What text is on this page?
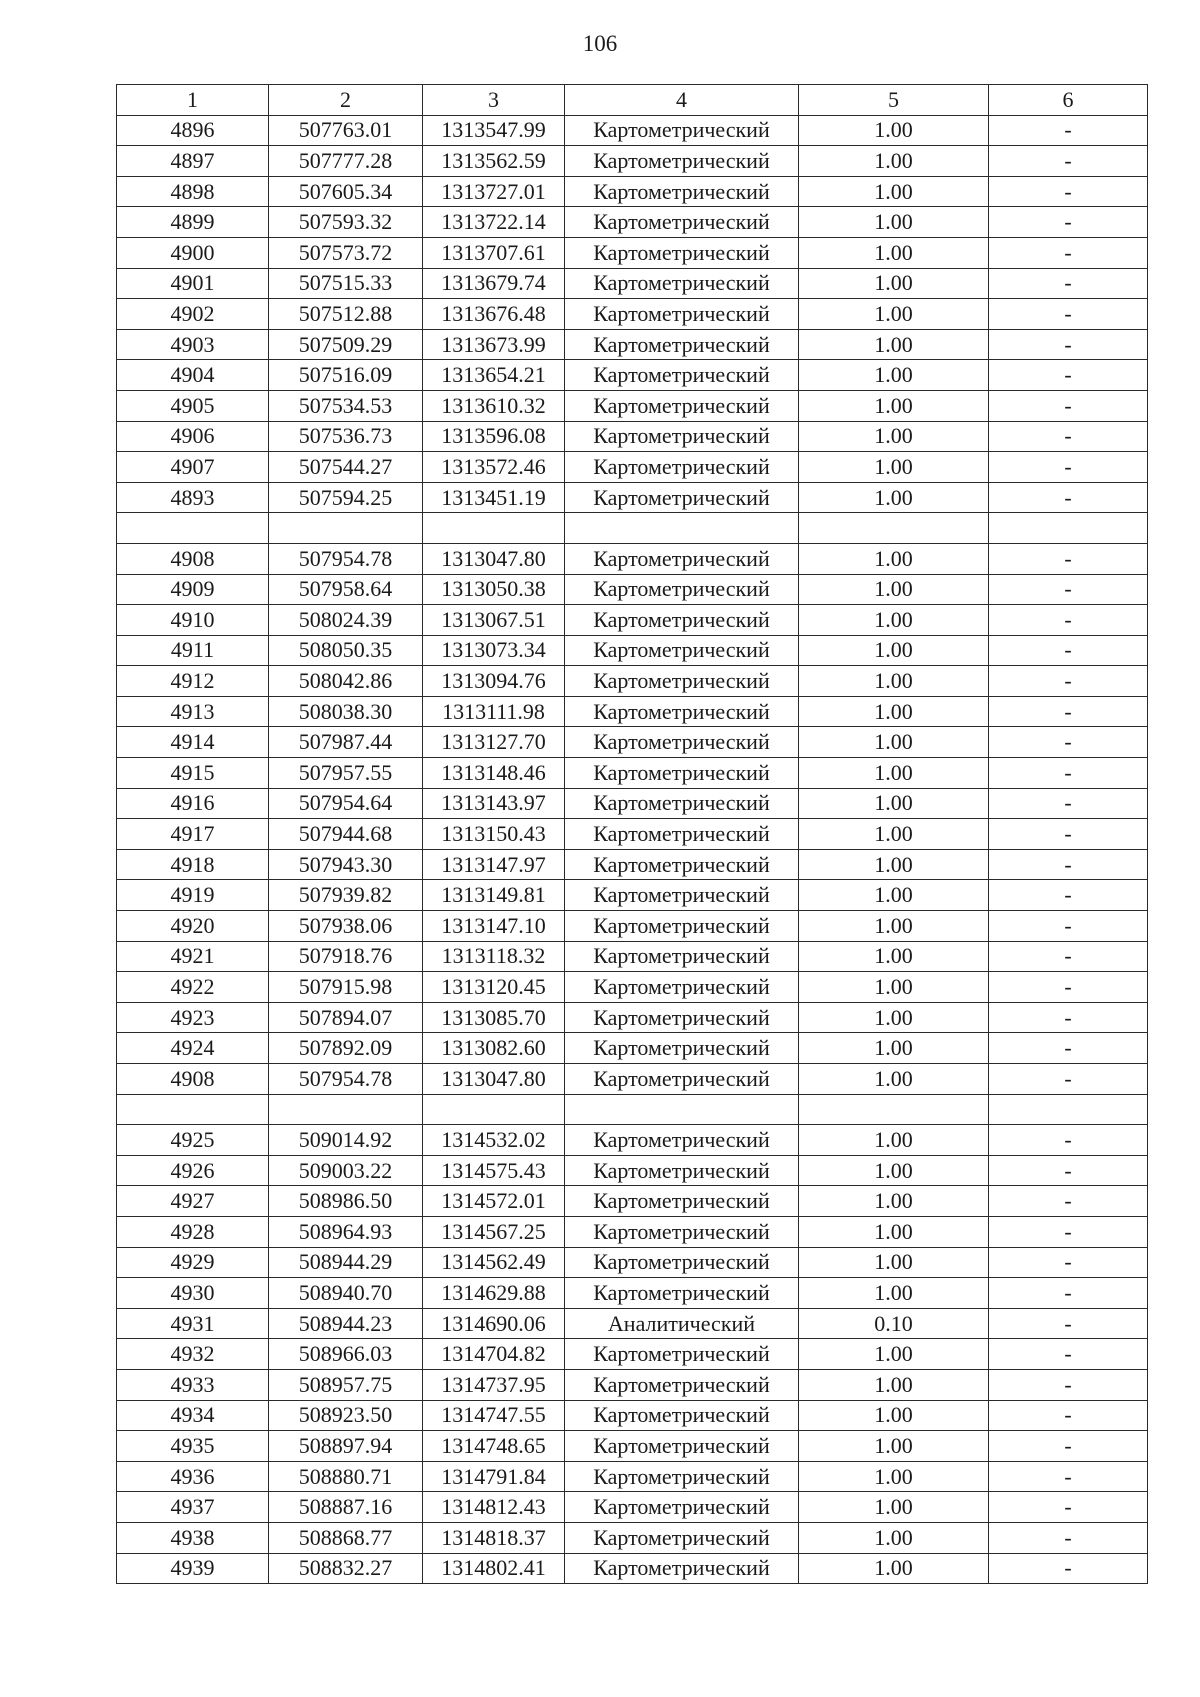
106
1	2	3	4	5	6
4896	507763.01	1313547.99	Картометрический	1.00	-
4897	507777.28	1313562.59	Картометрический	1.00	-
4898	507605.34	1313727.01	Картометрический	1.00	-
4899	507593.32	1313722.14	Картометрический	1.00	-
4900	507573.72	1313707.61	Картометрический	1.00	-
4901	507515.33	1313679.74	Картометрический	1.00	-
4902	507512.88	1313676.48	Картометрический	1.00	-
4903	507509.29	1313673.99	Картометрический	1.00	-
4904	507516.09	1313654.21	Картометрический	1.00	-
4905	507534.53	1313610.32	Картометрический	1.00	-
4906	507536.73	1313596.08	Картометрический	1.00	-
4907	507544.27	1313572.46	Картометрический	1.00	-
4893	507594.25	1313451.19	Картометрический	1.00	-

4908	507954.78	1313047.80	Картометрический	1.00	-
4909	507958.64	1313050.38	Картометрический	1.00	-
4910	508024.39	1313067.51	Картометрический	1.00	-
4911	508050.35	1313073.34	Картометрический	1.00	-
4912	508042.86	1313094.76	Картометрический	1.00	-
4913	508038.30	1313111.98	Картометрический	1.00	-
4914	507987.44	1313127.70	Картометрический	1.00	-
4915	507957.55	1313148.46	Картометрический	1.00	-
4916	507954.64	1313143.97	Картометрический	1.00	-
4917	507944.68	1313150.43	Картометрический	1.00	-
4918	507943.30	1313147.97	Картометрический	1.00	-
4919	507939.82	1313149.81	Картометрический	1.00	-
4920	507938.06	1313147.10	Картометрический	1.00	-
4921	507918.76	1313118.32	Картометрический	1.00	-
4922	507915.98	1313120.45	Картометрический	1.00	-
4923	507894.07	1313085.70	Картометрический	1.00	-
4924	507892.09	1313082.60	Картометрический	1.00	-
4908	507954.78	1313047.80	Картометрический	1.00	-

4925	509014.92	1314532.02	Картометрический	1.00	-
4926	509003.22	1314575.43	Картометрический	1.00	-
4927	508986.50	1314572.01	Картометрический	1.00	-
4928	508964.93	1314567.25	Картометрический	1.00	-
4929	508944.29	1314562.49	Картометрический	1.00	-
4930	508940.70	1314629.88	Картометрический	1.00	-
4931	508944.23	1314690.06	Аналитический	0.10	-
4932	508966.03	1314704.82	Картометрический	1.00	-
4933	508957.75	1314737.95	Картометрический	1.00	-
4934	508923.50	1314747.55	Картометрический	1.00	-
4935	508897.94	1314748.65	Картометрический	1.00	-
4936	508880.71	1314791.84	Картометрический	1.00	-
4937	508887.16	1314812.43	Картометрический	1.00	-
4938	508868.77	1314818.37	Картометрический	1.00	-
4939	508832.27	1314802.41	Картометрический	1.00	-
